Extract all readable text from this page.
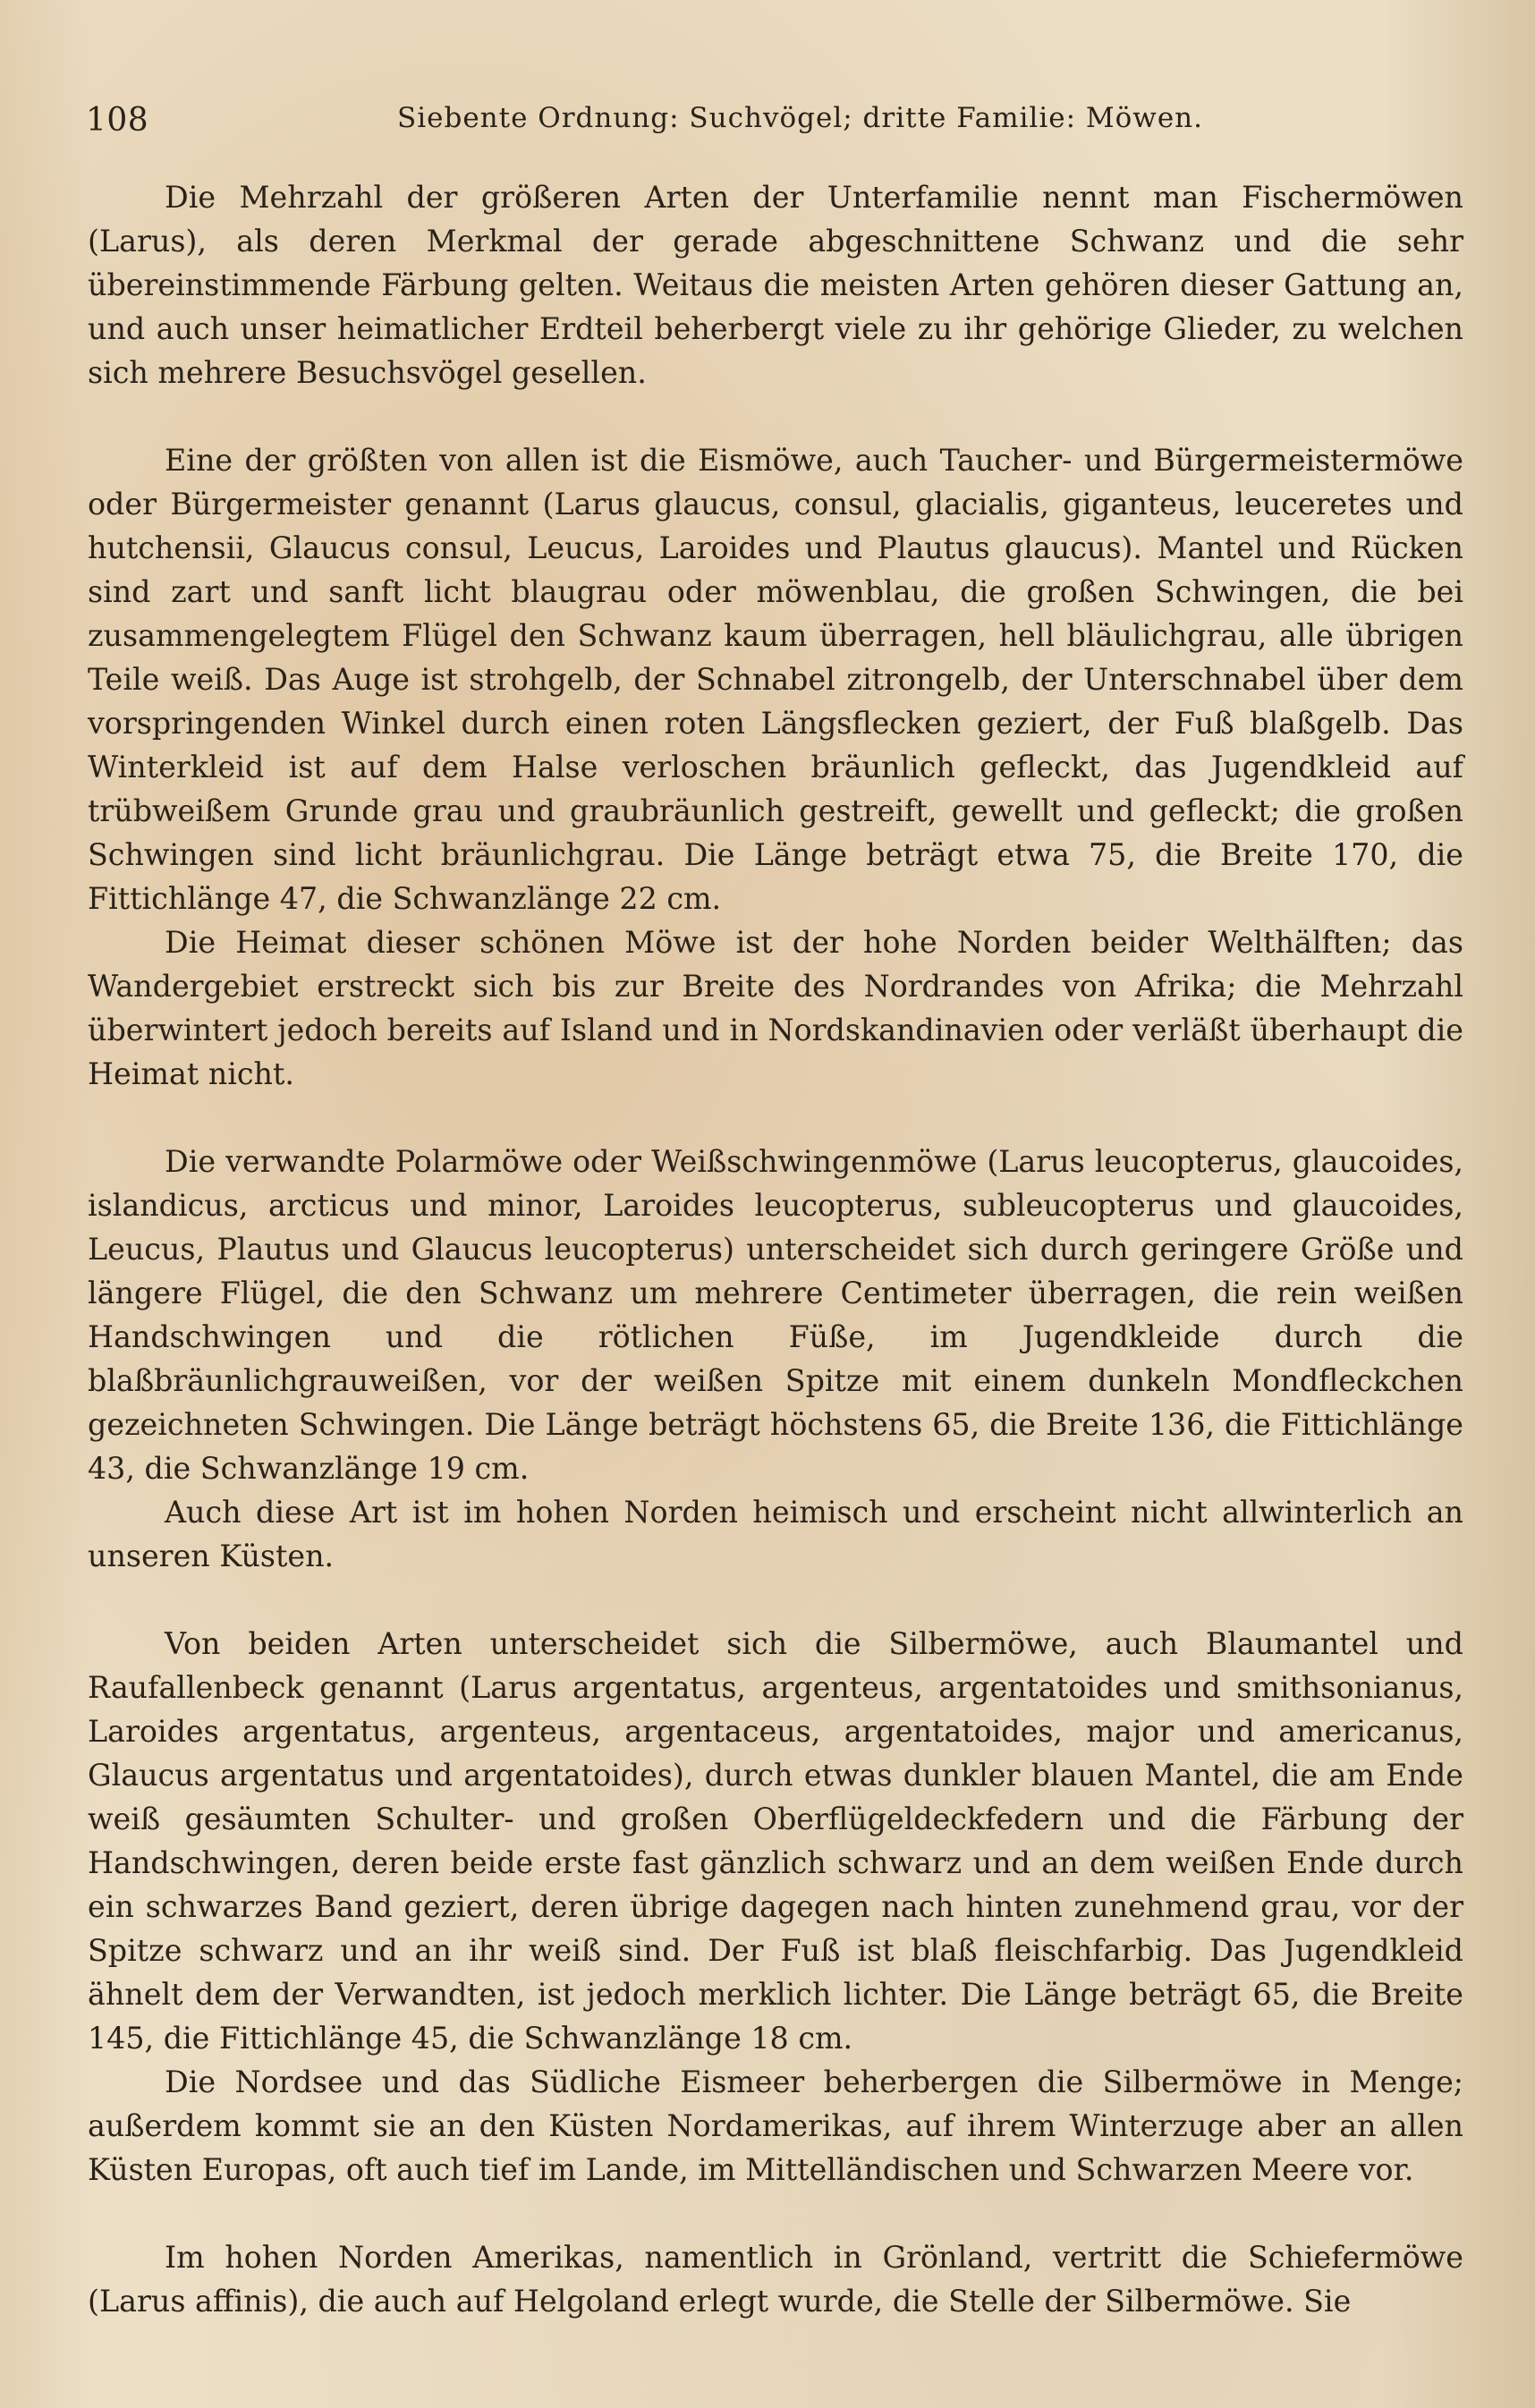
108	Siebente Ordnung: Suchvögel; dritte Familie: Möwen.

Die Mehrzahl der größeren Arten der Unterfamilie nennt man Fischermöwen (Larus), als deren Merkmal der gerade abgeschnittene Schwanz und die sehr übereinstimmende Färbung gelten. Weitaus die meisten Arten gehören dieser Gattung an, und auch unser heimatlicher Erdteil beherbergt viele zu ihr gehörige Glieder, zu welchen sich mehrere Besuchsvögel gesellen.

Eine der größten von allen ist die Eismöwe, auch Taucher- und Bürgermeistermöwe oder Bürgermeister genannt (Larus glaucus, consul, glacialis, giganteus, leuceretes und hutchensii, Glaucus consul, Leucus, Laroides und Plautus glaucus). Mantel und Rücken sind zart und sanft licht blaugrau oder möwenblau, die großen Schwingen, die bei zusammengelegtem Flügel den Schwanz kaum überragen, hell bläulichgrau, alle übrigen Teile weiß. Das Auge ist strohgelb, der Schnabel zitrongelb, der Unterschnabel über dem vorspringenden Winkel durch einen roten Längsflecken geziert, der Fuß blaßgelb. Das Winterkleid ist auf dem Halse verloschen bräunlich gefleckt, das Jugendkleid auf trübweißem Grunde grau und graubräunlich gestreift, gewellt und gefleckt; die großen Schwingen sind licht bräunlichgrau. Die Länge beträgt etwa 75, die Breite 170, die Fittichlänge 47, die Schwanzlänge 22 cm.

Die Heimat dieser schönen Möwe ist der hohe Norden beider Welthälften; das Wandergebiet erstreckt sich bis zur Breite des Nordrandes von Afrika; die Mehrzahl überwintert jedoch bereits auf Island und in Nordskandinavien oder verläßt überhaupt die Heimat nicht.

Die verwandte Polarmöwe oder Weißschwingenmöwe (Larus leucopterus, glaucoides, islandicus, arcticus und minor, Laroides leucopterus, subleucopterus und glaucoides, Leucus, Plautus und Glaucus leucopterus) unterscheidet sich durch geringere Größe und längere Flügel, die den Schwanz um mehrere Centimeter überragen, die rein weißen Handschwingen und die rötlichen Füße, im Jugendkleide durch die blaßbräunlichgrauweißen, vor der weißen Spitze mit einem dunkeln Mondfleckchen gezeichneten Schwingen. Die Länge beträgt höchstens 65, die Breite 136, die Fittichlänge 43, die Schwanzlänge 19 cm.

Auch diese Art ist im hohen Norden heimisch und erscheint nicht allwinterlich an unseren Küsten.

Von beiden Arten unterscheidet sich die Silbermöwe, auch Blaumantel und Raufallenbeck genannt (Larus argentatus, argenteus, argentatoides und smithsonianus, Laroides argentatus, argenteus, argentaceus, argentatoides, major und americanus, Glaucus argentatus und argentatoides), durch etwas dunkler blauen Mantel, die am Ende weiß gesäumten Schulter- und großen Oberflügeldeckfedern und die Färbung der Handschwingen, deren beide erste fast gänzlich schwarz und an dem weißen Ende durch ein schwarzes Band geziert, deren übrige dagegen nach hinten zunehmend grau, vor der Spitze schwarz und an ihr weiß sind. Der Fuß ist blaß fleischfarbig. Das Jugendkleid ähnelt dem der Verwandten, ist jedoch merklich lichter. Die Länge beträgt 65, die Breite 145, die Fittichlänge 45, die Schwanzlänge 18 cm.

Die Nordsee und das Südliche Eismeer beherbergen die Silbermöwe in Menge; außerdem kommt sie an den Küsten Nordamerikas, auf ihrem Winterzuge aber an allen Küsten Europas, oft auch tief im Lande, im Mittelländischen und Schwarzen Meere vor.

Im hohen Norden Amerikas, namentlich in Grönland, vertritt die Schiefermöwe (Larus affinis), die auch auf Helgoland erlegt wurde, die Stelle der Silbermöwe. Sie
